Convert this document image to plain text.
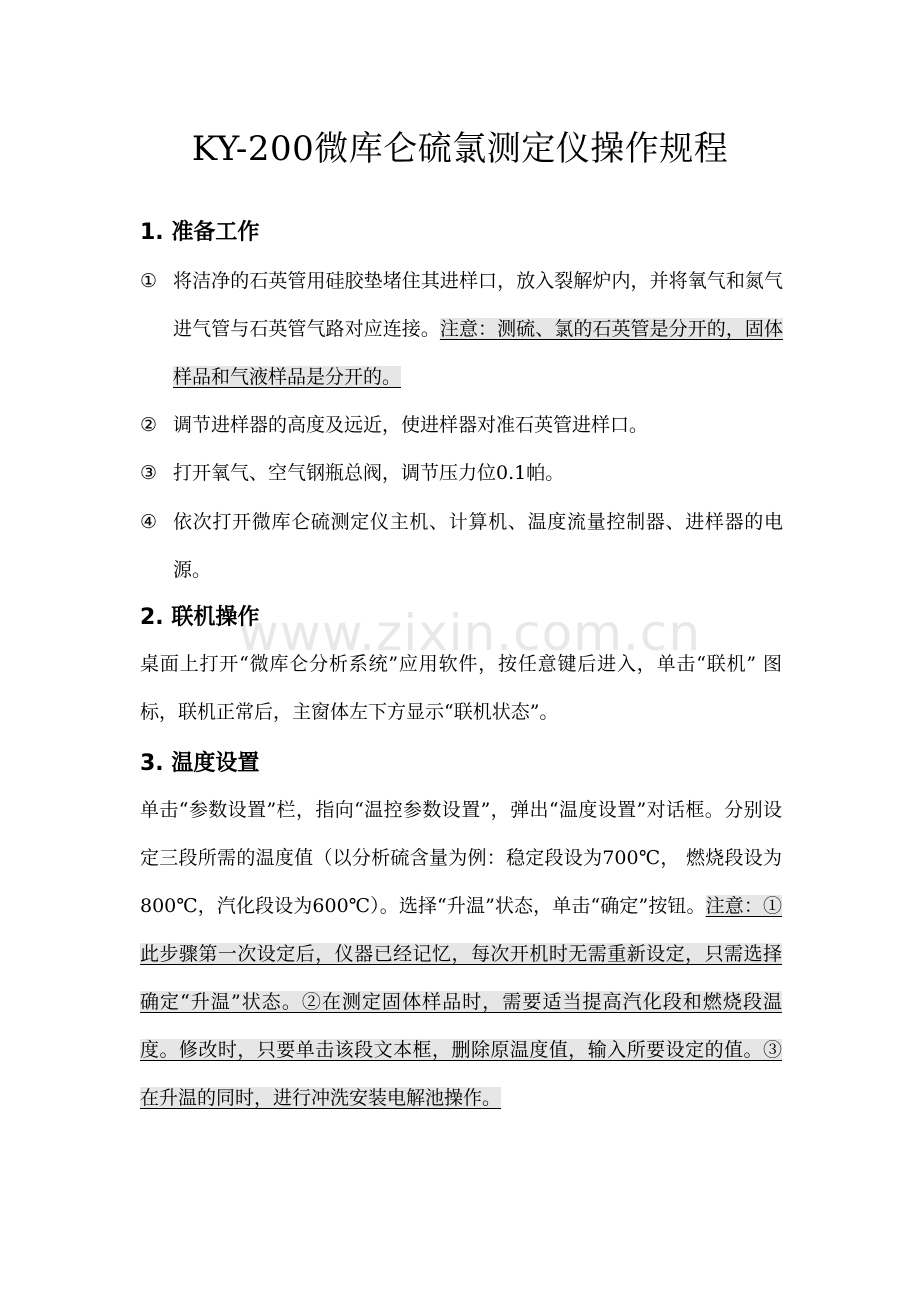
KY-200微库仑硫氯测定仪操作规程
1. 准备工作
① 将洁净的石英管用硅胶垫堵住其进样口，放入裂解炉内，并将氧气和氮气进气管与石英管气路对应连接。注意：测硫、氯的石英管是分开的，固体样品和气液样品是分开的。
② 调节进样器的高度及远近，使进样器对准石英管进样口。
③ 打开氧气、空气钢瓶总阀，调节压力位0.1帕。
④ 依次打开微库仑硫测定仪主机、计算机、温度流量控制器、进样器的电源。
2. 联机操作
桌面上打开“微库仑分析系统”应用软件，按任意键后进入，单击“联机” 图标，联机正常后，主窗体左下方显示“联机状态”。
3. 温度设置
单击“参数设置”栏，指向“温控参数设置”，弹出“温度设置”对话框。分别设定三段所需的温度值（以分析硫含量为例：稳定段设为700℃， 燃烧段设为800℃，汽化段设为600℃）。选择“升温”状态，单击“确定”按钮。注意：①此步骤第一次设定后，仪器已经记忆，每次开机时无需重新设定，只需选择确定“升温”状态。②在测定固体样品时，需要适当提高汽化段和燃烧段温度。修改时，只要单击该段文本框，删除原温度值，输入所要设定的值。③在升温的同时，进行冲洗安装电解池操作。
www.zixin.com.cn
